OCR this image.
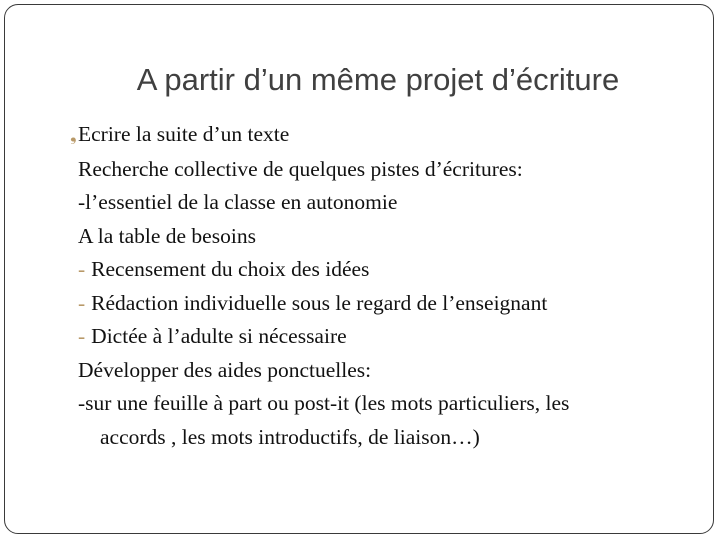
A partir d’un même projet d’écriture
Ecrire la suite d’un texte
Recherche collective de quelques pistes d’écritures:
-l’essentiel de la classe en autonomie
A la table de besoins
- Recensement du choix des idées
- Rédaction individuelle sous le regard de l’enseignant
- Dictée à l’adulte si nécessaire
Développer des aides ponctuelles:
-sur une feuille à part ou post-it (les mots particuliers, les
accords , les mots introductifs, de liaison…)
